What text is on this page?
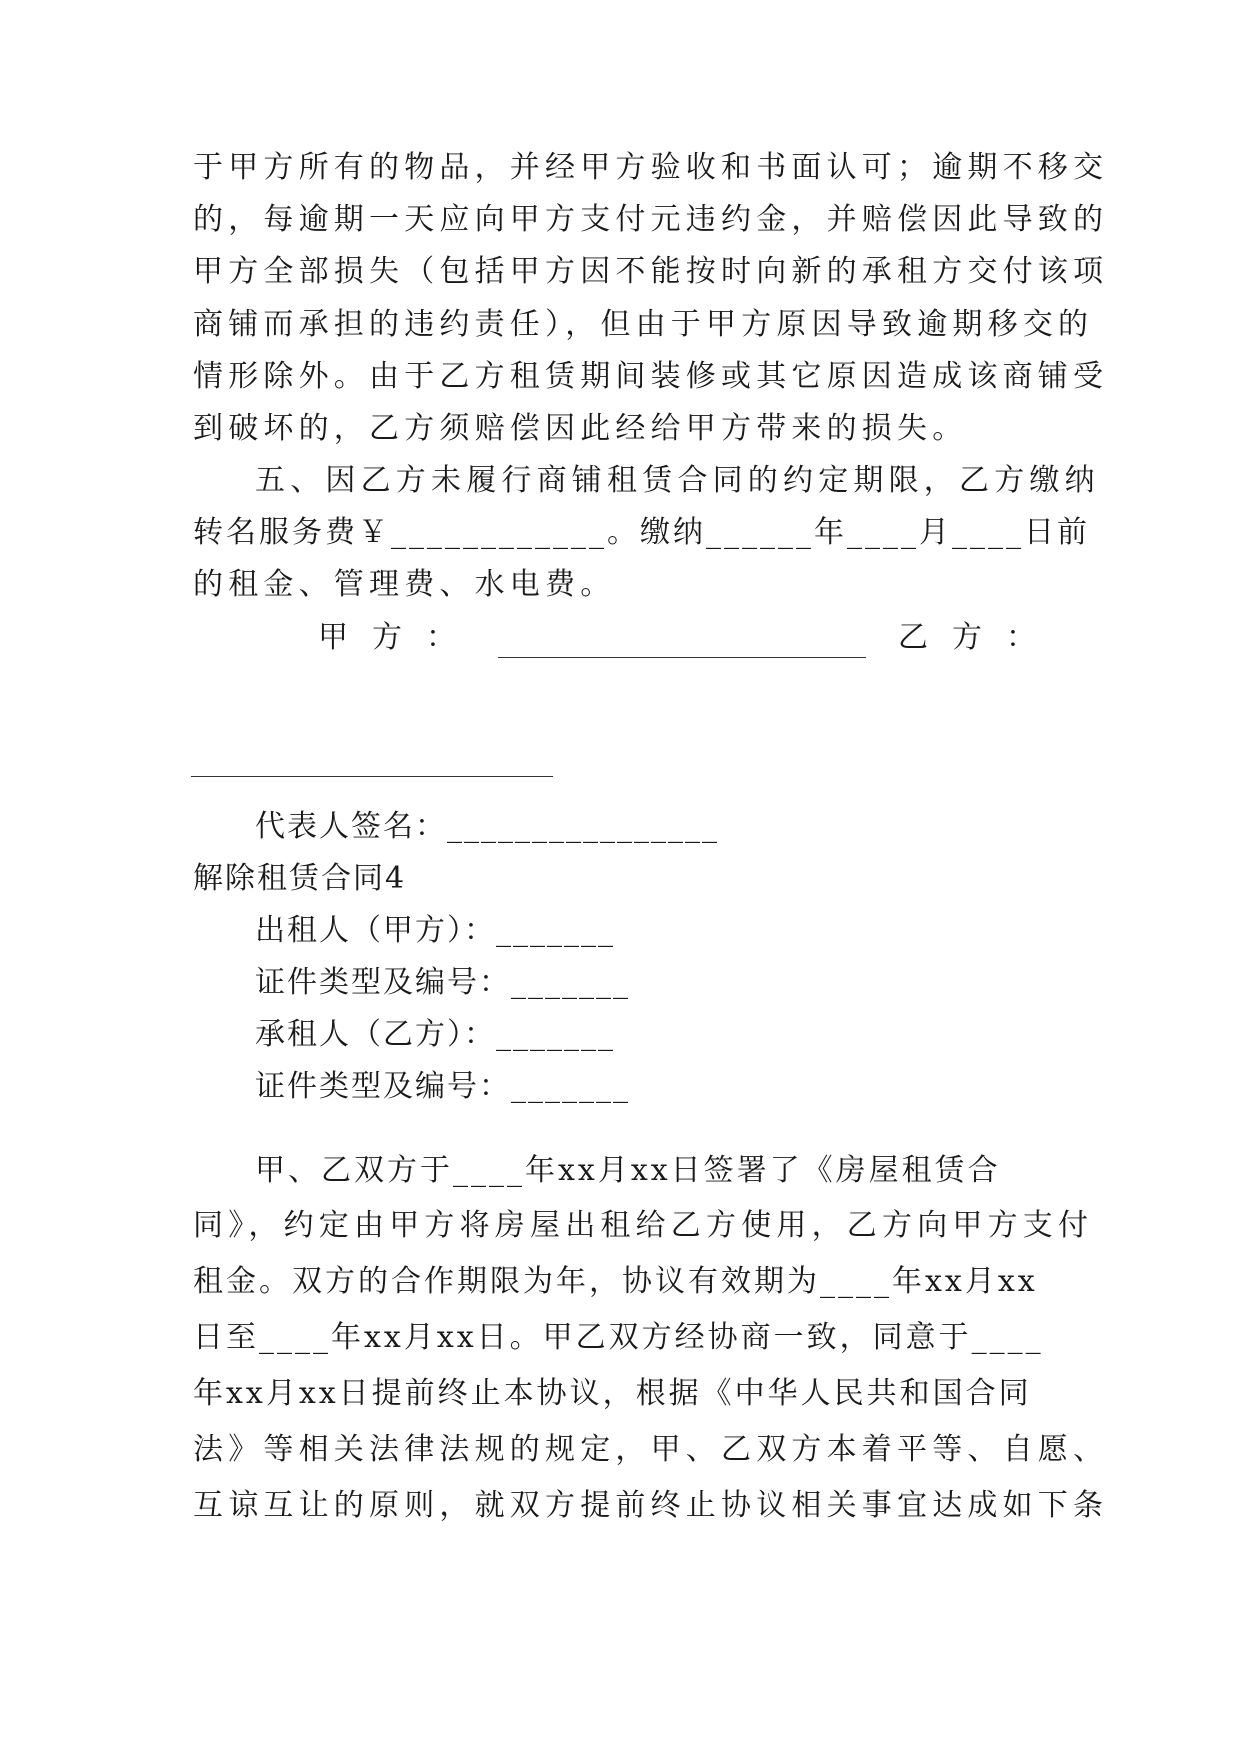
于甲方所有的物品，并经甲方验收和书面认可；逾期不移交
的，每逾期一天应向甲方支付元违约金，并赔偿因此导致的
甲方全部损失（包括甲方因不能按时向新的承租方交付该项
商铺而承担的违约责任），但由于甲方原因导致逾期移交的
情形除外。由于乙方租赁期间装修或其它原因造成该商铺受
到破坏的，乙方须赔偿因此经给甲方带来的损失。
五、因乙方未履行商铺租赁合同的约定期限，乙方缴纳
转名服务费￥____________。缴纳______年____月____日前
的租金、管理费、水电费。
甲方：	乙方：
代表人签名：________________
解除租赁合同4
出租人（甲方）：_______
证件类型及编号：_______
承租人（乙方）：_______
证件类型及编号：_______
甲、乙双方于____年xx月xx日签署了《房屋租赁合
同》，约定由甲方将房屋出租给乙方使用，乙方向甲方支付
租金。双方的合作期限为年，协议有效期为____年xx月xx
日至____年xx月xx日。甲乙双方经协商一致，同意于____
年xx月xx日提前终止本协议，根据《中华人民共和国合同
法》等相关法律法规的规定，甲、乙双方本着平等、自愿、
互谅互让的原则，就双方提前终止协议相关事宜达成如下条
